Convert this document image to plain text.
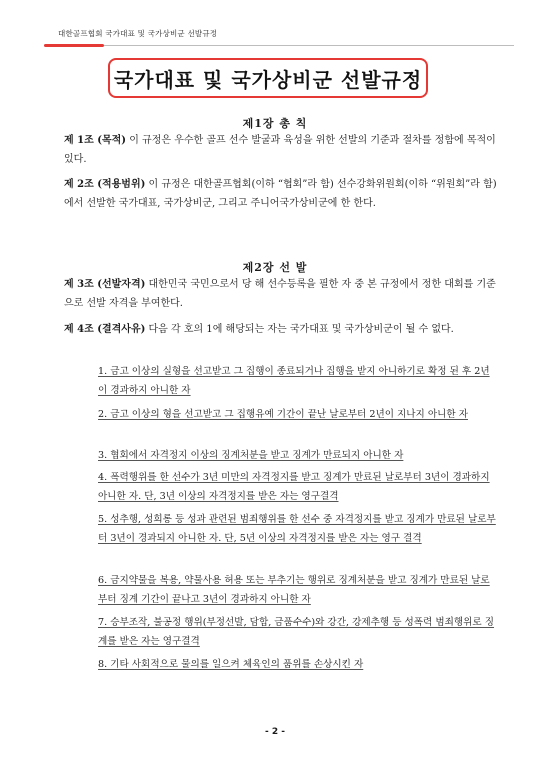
대한골프협회 국가대표 및 국가상비군 선발규정
국가대표 및 국가상비군 선발규정
제1장 총 칙
제 1조 (목적) 이 규정은 우수한 골프 선수 발굴과 육성을 위한 선발의 기준과 절차를 정함에 목적이 있다.
제 2조 (적용범위) 이 규정은 대한골프협회(이하 “협회”라 함) 선수강화위원회(이하 “위원회”라 함)에서 선발한 국가대표, 국가상비군, 그리고 주니어국가상비군에 한 한다.
제2장 선 발
제 3조 (선발자격) 대한민국 국민으로서 당 해 선수등록을 필한 자 중 본 규정에서 정한 대회를 기준으로 선발 자격을 부여한다.
제 4조 (결격사유) 다음 각 호의 1에 해당되는 자는 국가대표 및 국가상비군이 될 수 없다.
1. 금고 이상의 실형을 선고받고 그 집행이 종료되거나 집행을 받지 아니하기로 확정 된 후 2년이 경과하지 아니한 자
2. 금고 이상의 형을 선고받고 그 집행유예 기간이 끝난 날로부터 2년이 지나지 아니한 자
3. 협회에서 자격정지 이상의 징계처분을 받고 징계가 만료되지 아니한 자
4. 폭력행위를 한 선수가 3년 미만의 자격정지를 받고 징계가 만료된 날로부터 3년이 경과하지 아니한 자. 단, 3년 이상의 자격정지를 받은 자는 영구결격
5. 성추행, 성희롱 등 성과 관련된 범죄행위를 한 선수 중 자격정지를 받고 징계가 만료된 날로부터 3년이 경과되지 아니한 자. 단, 5년 이상의 자격정지를 받은 자는 영구 결격
6. 금지약물을 복용, 약물사용 허용 또는 부추기는 행위로 징계처분을 받고 징계가 만료된 날로부터 징계 기간이 끝나고 3년이 경과하지 아니한 자
7. 승부조작, 불공정 행위(부정선발, 담합, 금품수수)와 강간, 강제추행 등 성폭력 범죄행위로 징계를 받은 자는 영구결격
8. 기타 사회적으로 물의를 일으켜 체육인의 품위를 손상시킨 자
- 2 -
